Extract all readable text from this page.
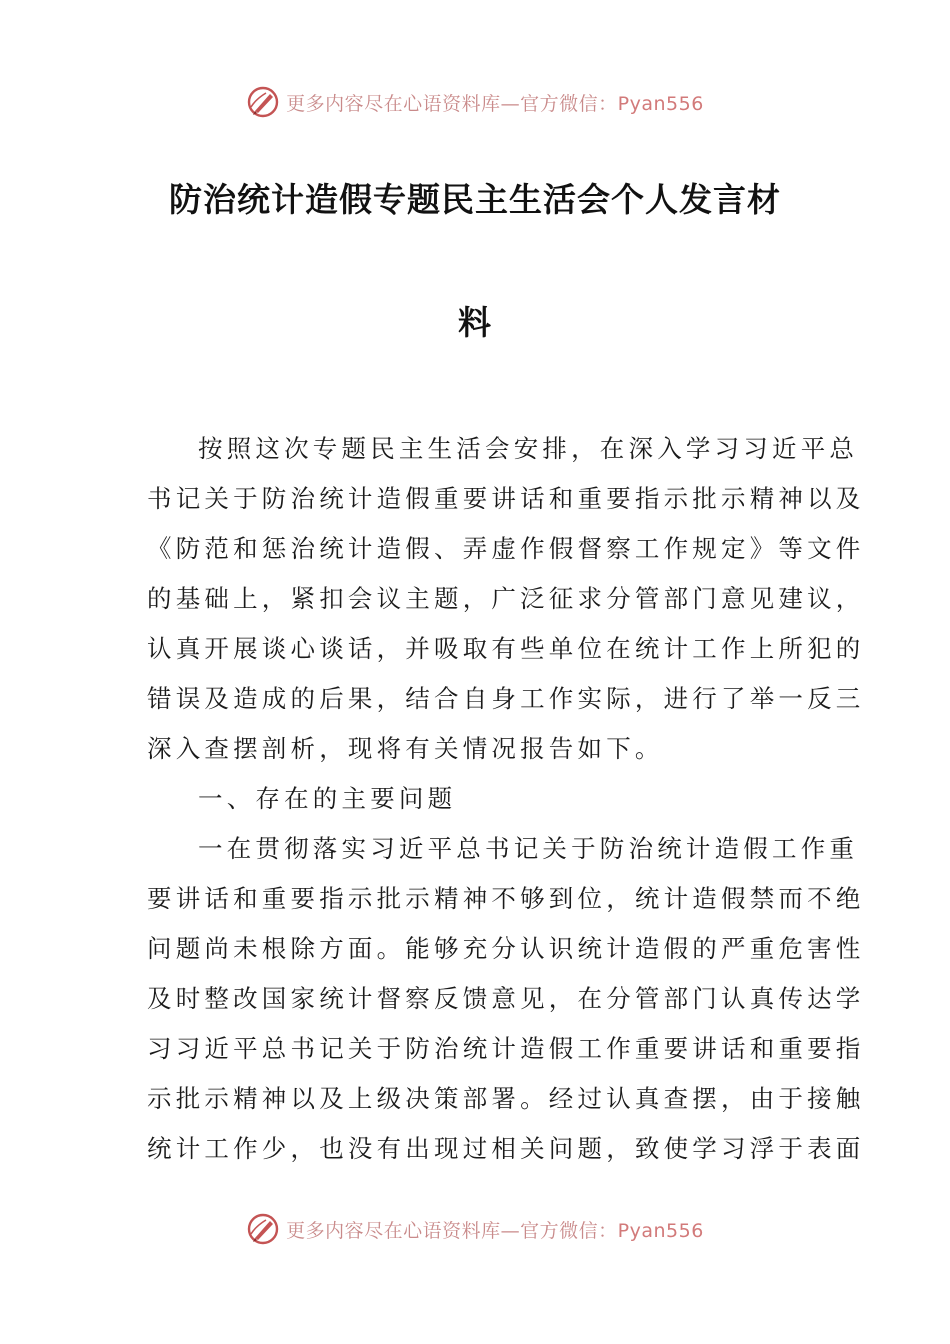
更多内容尽在心语资料库—官方微信：Pyan556
防治统计造假专题民主生活会个人发言材
料
按照这次专题民主生活会安排，在深入学习习近平总
书记关于防治统计造假重要讲话和重要指示批示精神以及
《防范和惩治统计造假、弄虚作假督察工作规定》等文件
的基础上，紧扣会议主题，广泛征求分管部门意见建议，
认真开展谈心谈话，并吸取有些单位在统计工作上所犯的
错误及造成的后果，结合自身工作实际，进行了举一反三
深入查摆剖析，现将有关情况报告如下。
一、存在的主要问题
一在贯彻落实习近平总书记关于防治统计造假工作重
要讲话和重要指示批示精神不够到位，统计造假禁而不绝
问题尚未根除方面。能够充分认识统计造假的严重危害性
及时整改国家统计督察反馈意见，在分管部门认真传达学
习习近平总书记关于防治统计造假工作重要讲话和重要指
示批示精神以及上级决策部署。经过认真查摆，由于接触
统计工作少，也没有出现过相关问题，致使学习浮于表面
更多内容尽在心语资料库—官方微信：Pyan556
